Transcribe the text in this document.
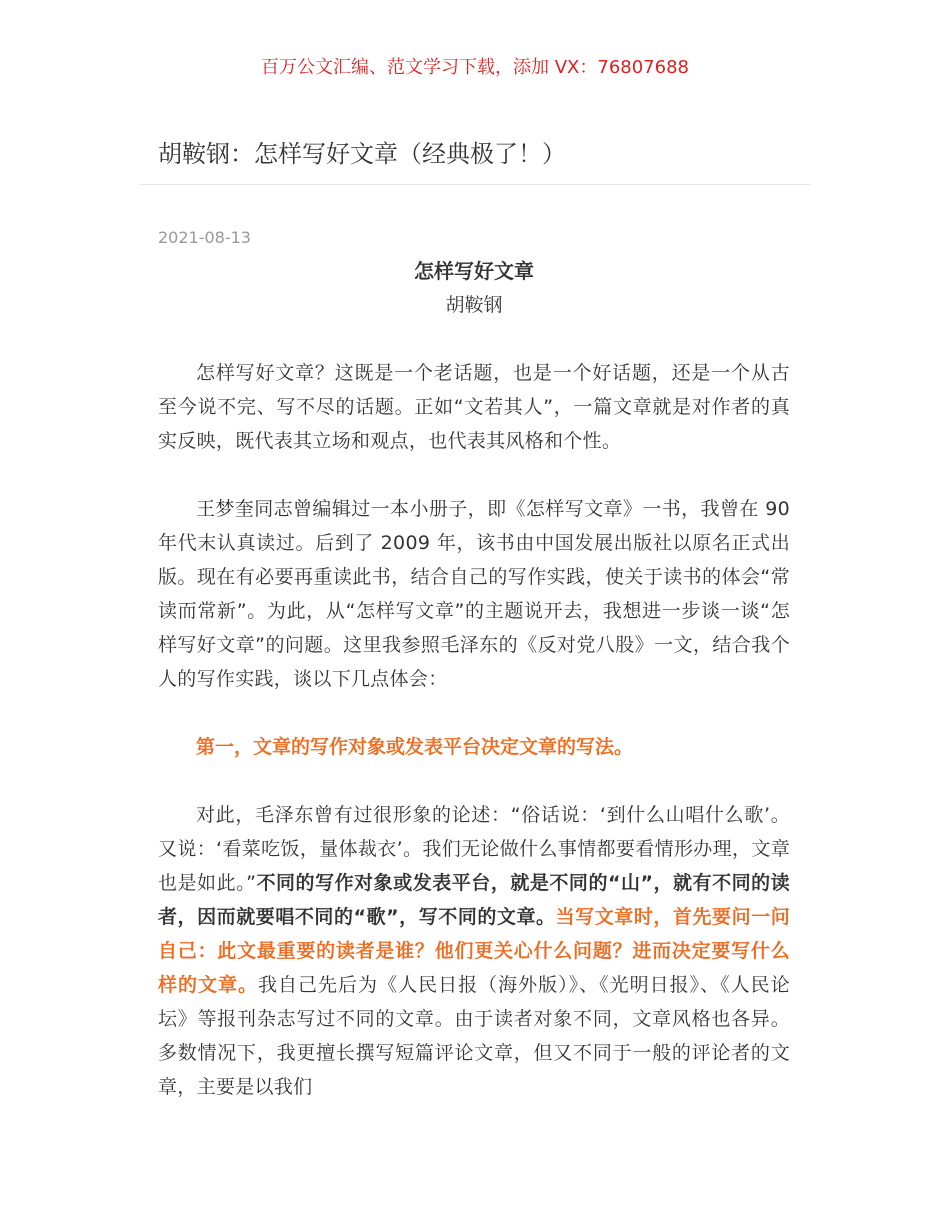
百万公文汇编、范文学习下载，添加 VX：76807688
胡鞍钢：怎样写好文章（经典极了！）
2021-08-13

怎样写好文章

胡鞍钢

怎样写好文章？这既是一个老话题，也是一个好话题，还是一个从古至今说不完、写不尽的话题。正如“文若其人”，一篇文章就是对作者的真实反映，既代表其立场和观点，也代表其风格和个性。

王梦奎同志曾编辑过一本小册子，即《怎样写文章》一书，我曾在 90 年代末认真读过。后到了 2009 年，该书由中国发展出版社以原名正式出版。现在有必要再重读此书，结合自己的写作实践，使关于读书的体会“常读而常新”。为此，从“怎样写文章”的主题说开去，我想进一步谈一谈“怎样写好文章”的问题。这里我参照毛泽东的《反对党八股》一文，结合我个人的写作实践，谈以下几点体会：

第一，文章的写作对象或发表平台决定文章的写法。

对此，毛泽东曾有过很形象的论述：“俗话说：‘到什么山唱什么歌’。又说：‘看菜吃饭，量体裁衣’。我们无论做什么事情都要看情形办理，文章也是如此。”不同的写作对象或发表平台，就是不同的“山”，就有不同的读者，因而就要唱不同的“歌”，写不同的文章。当写文章时，首先要问一问自己：此文最重要的读者是谁？他们更关心什么问题？进而决定要写什么样的文章。我自己先后为《人民日报（海外版）》、《光明日报》、《人民论坛》等报刊杂志写过不同的文章。由于读者对象不同，文章风格也各异。多数情况下，我更擅长撰写短篇评论文章，但又不同于一般的评论者的文章，主要是以我们
